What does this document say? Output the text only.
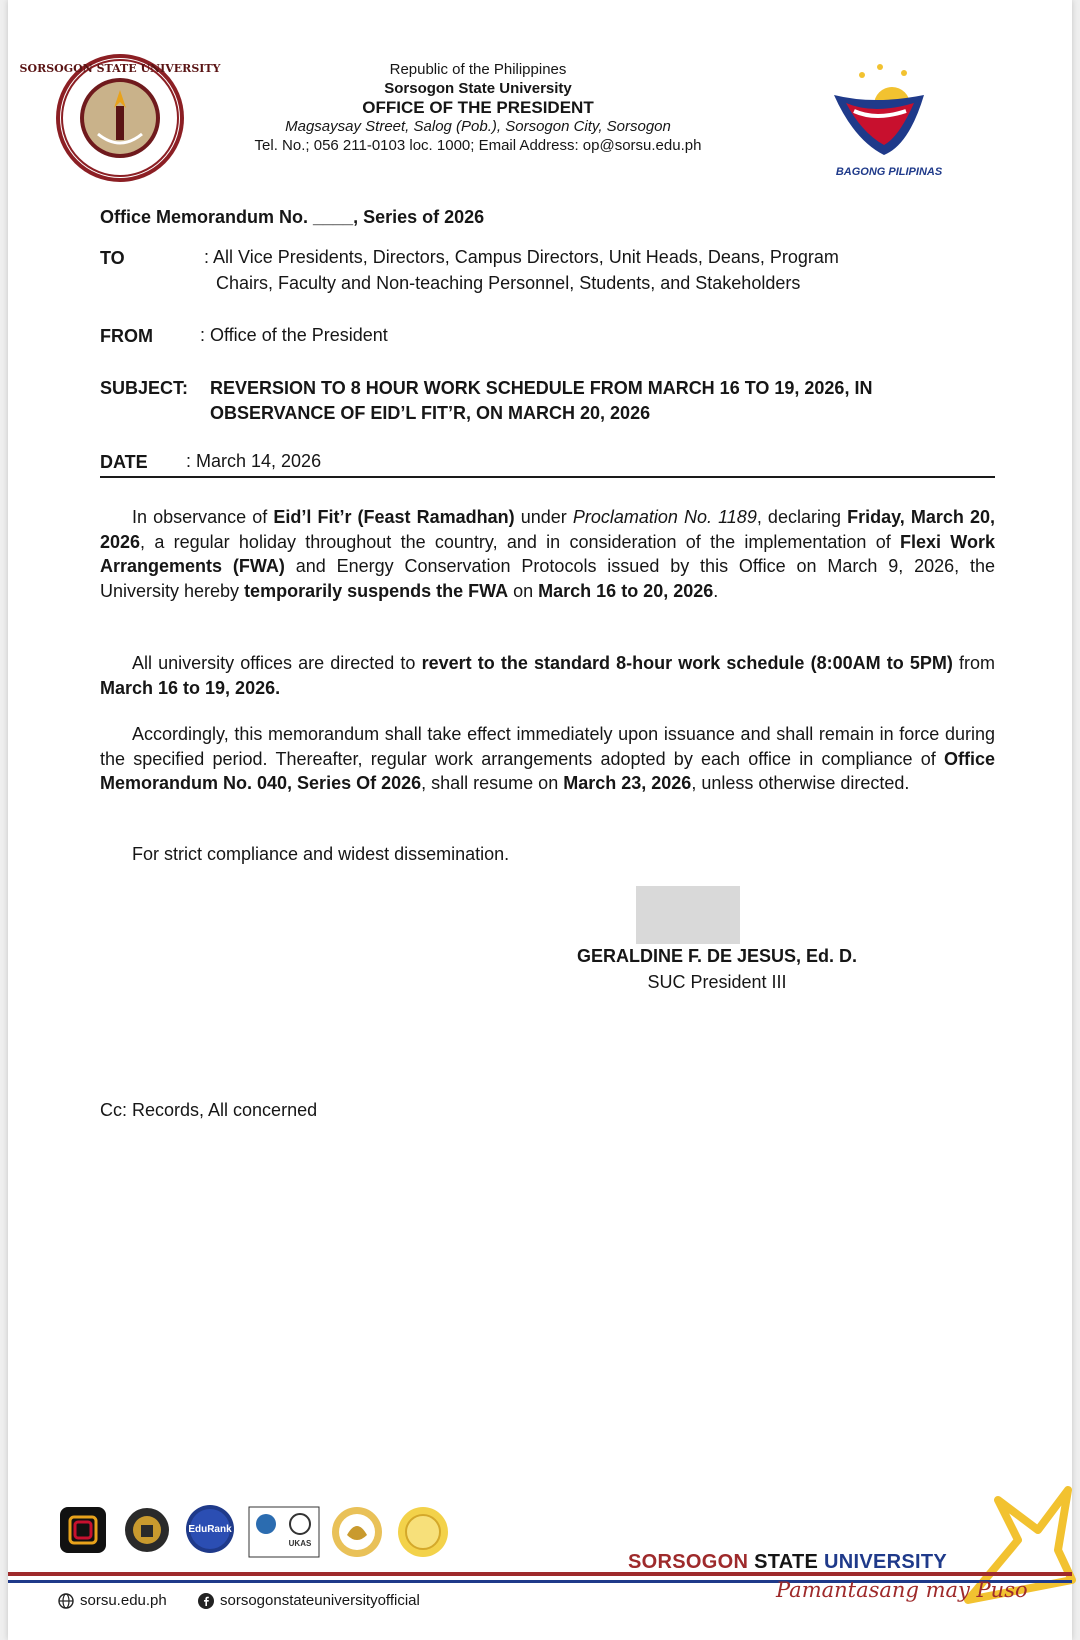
SORSOGON STATE UNIVERSITY	Republic of the Philippines
Sorsogon State University
OFFICE OF THE PRESIDENT
Magsaysay Street, Salog (Pob.), Sorsogon City, Sorsogon
Tel. No.; 056 211-0103 loc. 1000; Email Address: op@sorsu.edu.ph
BAGONG PILIPINAS
Office Memorandum No. ____, Series of 2026
TO	: All Vice Presidents, Directors, Campus Directors, Unit Heads, Deans, Program
Chairs, Faculty and Non-teaching Personnel, Students, and Stakeholders
FROM	: Office of the President
SUBJECT: REVERSION TO 8 HOUR WORK SCHEDULE FROM MARCH 16 TO 19, 2026, IN
OBSERVANCE OF EID’L FIT’R, ON MARCH 20, 2026
DATE : March 14, 2026
In observance of Eid’l Fit’r (Feast Ramadhan) under Proclamation No. 1189, declaring Friday, March 20, 2026, a regular holiday throughout the country, and in consideration of the implementation of Flexi Work Arrangements (FWA) and Energy Conservation Protocols issued by this Office on March 9, 2026, the University hereby temporarily suspends the FWA on March 16 to 20, 2026.
All university offices are directed to revert to the standard 8-hour work schedule (8:00AM to 5PM) from March 16 to 19, 2026.
Accordingly, this memorandum shall take effect immediately upon issuance and shall remain in force during the specified period. Thereafter, regular work arrangements adopted by each office in compliance of Office Memorandum No. 040, Series Of 2026, shall resume on March 23, 2026, unless otherwise directed.
For strict compliance and widest dissemination.
GERALDINE F. DE JESUS, Ed. D.
SUC President III
Cc: Records, All concerned
EduRank
UKAS
SORSOGON STATE UNIVERSITY
Pamantasang may Puso
sorsu.edu.ph	sorsogonstateuniversityofficial
